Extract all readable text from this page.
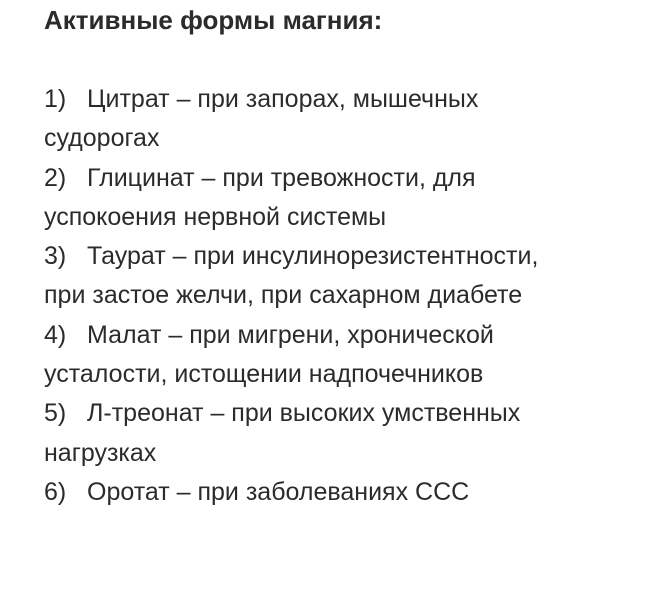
Активные формы магния:
1) Цитрат – при запорах, мышечных
судорогах
2) Глицинат – при тревожности, для
успокоения нервной системы
3) Таурат – при инсулинорезистентности,
при застое желчи, при сахарном диабете
4) Малат – при мигрени, хронической
усталости, истощении надпочечников
5) Л-треонат – при высоких умственных
нагрузках
6) Оротат – при заболеваниях ССС
